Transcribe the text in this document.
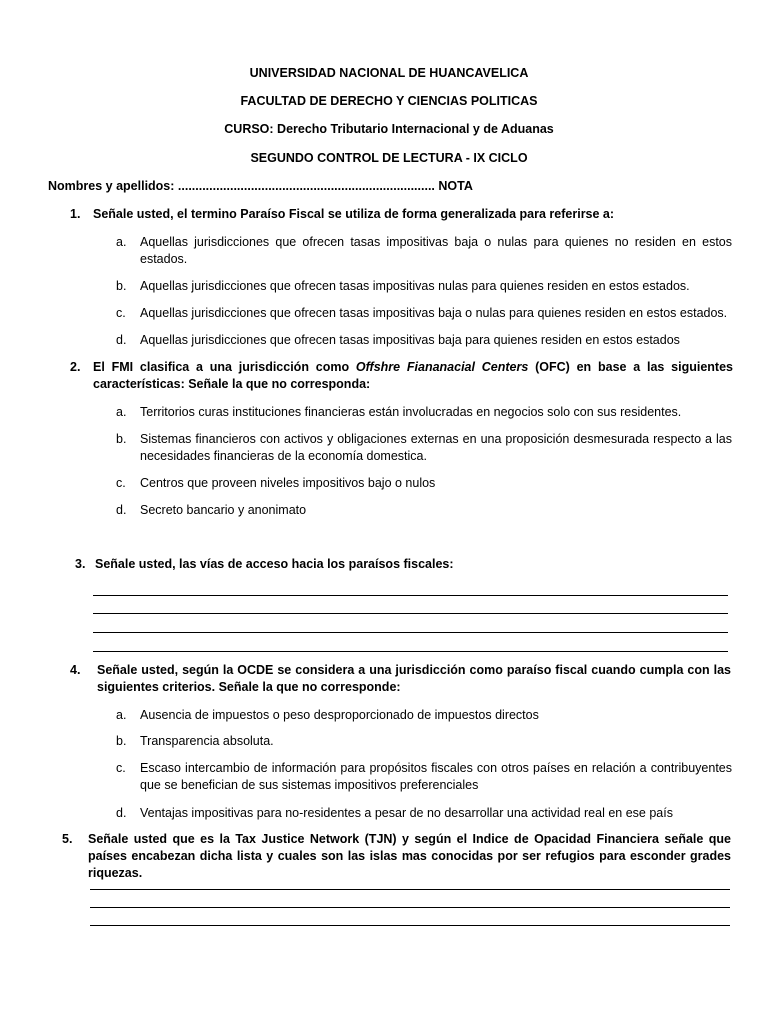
UNIVERSIDAD NACIONAL DE HUANCAVELICA
FACULTAD DE DERECHO Y CIENCIAS POLITICAS
CURSO: Derecho Tributario Internacional y de Aduanas
SEGUNDO CONTROL DE LECTURA - IX CICLO
Nombres y apellidos: .......................................................................... NOTA
1. Señale usted, el termino Paraíso Fiscal se utiliza de forma generalizada para referirse a:
a. Aquellas jurisdicciones que ofrecen tasas impositivas baja o nulas para quienes no residen en estos estados.
b. Aquellas jurisdicciones que ofrecen tasas impositivas nulas para quienes residen en estos estados.
c. Aquellas jurisdicciones que ofrecen tasas impositivas baja o nulas para quienes residen en estos estados.
d. Aquellas jurisdicciones que ofrecen tasas impositivas baja para quienes residen en estos estados
2. El FMI clasifica a una jurisdicción como Offshre Fiananacial Centers (OFC) en base a las siguientes características: Señale la que no corresponda:
a. Territorios curas instituciones financieras están involucradas en negocios solo con sus residentes.
b. Sistemas financieros con activos y obligaciones externas en una proposición desmesurada respecto a las necesidades financieras de la economía domestica.
c. Centros que proveen niveles impositivos bajo o nulos
d. Secreto bancario y anonimato
3. Señale usted, las vías de acceso hacia los paraísos fiscales:
4. Señale usted, según la OCDE se considera a una jurisdicción como paraíso fiscal cuando cumpla con las siguientes criterios. Señale la que no corresponde:
a. Ausencia de impuestos o peso desproporcionado de impuestos directos
b. Transparencia absoluta.
c. Escaso intercambio de información para propósitos fiscales con otros países en relación a contribuyentes que se beneﬁcian de sus sistemas impositivos preferenciales
d. Ventajas impositivas para no-residentes a pesar de no desarrollar una actividad real en ese país
5. Señale usted que es la Tax Justice Network (TJN) y según el Indice de Opacidad Financiera señale que países encabezan dicha lista y cuales son las islas mas conocidas por ser refugios para esconder grades riquezas.
